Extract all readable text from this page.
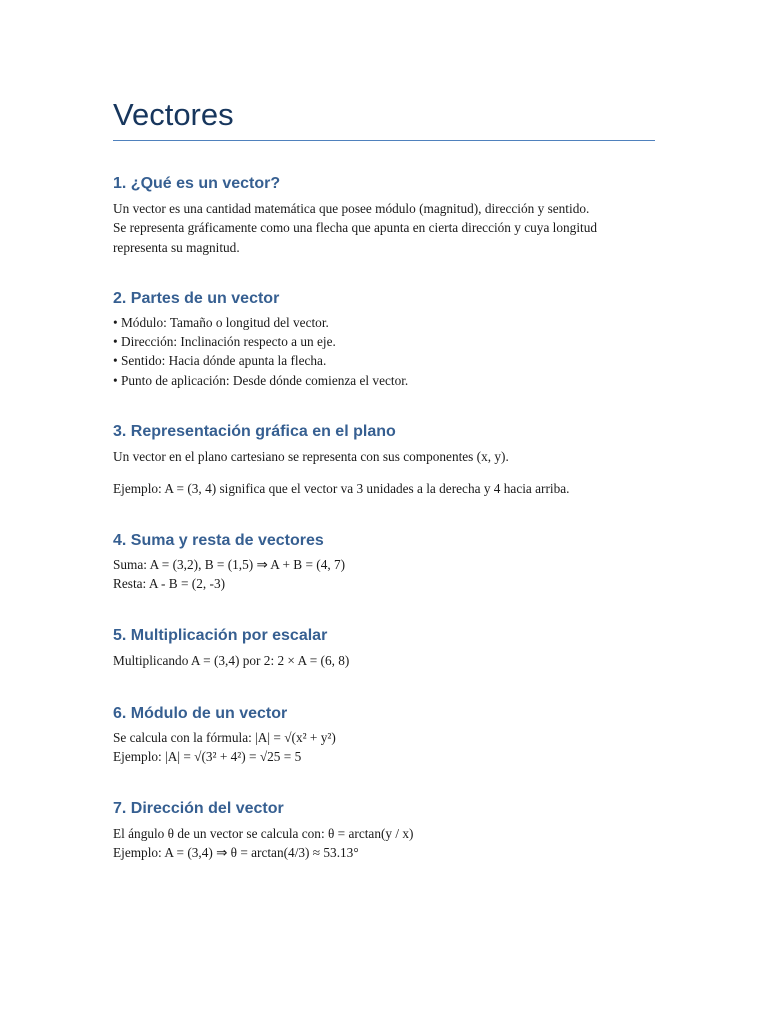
Vectores
1. ¿Qué es un vector?

Un vector es una cantidad matemática que posee módulo (magnitud), dirección y sentido.

Se representa gráficamente como una flecha que apunta en cierta dirección y cuya longitud

representa su magnitud.

2. Partes de un vector

• Módulo: Tamaño o longitud del vector.

• Dirección: Inclinación respecto a un eje.

• Sentido: Hacia dónde apunta la flecha.

• Punto de aplicación: Desde dónde comienza el vector.

3. Representación gráfica en el plano

Un vector en el plano cartesiano se representa con sus componentes (x, y).

Ejemplo: A = (3, 4) significa que el vector va 3 unidades a la derecha y 4 hacia arriba.

4. Suma y resta de vectores

Suma: A = (3,2), B = (1,5) ⇒ A + B = (4, 7)

Resta: A - B = (2, -3)

5. Multiplicación por escalar

Multiplicando A = (3,4) por 2: 2 × A = (6, 8)

6. Módulo de un vector

Se calcula con la fórmula: |A| = √(x² + y²)

Ejemplo: |A| = √(3² + 4²) = √25 = 5

7. Dirección del vector

El ángulo θ de un vector se calcula con: θ = arctan(y / x)

Ejemplo: A = (3,4) ⇒ θ = arctan(4/3) ≈ 53.13°
